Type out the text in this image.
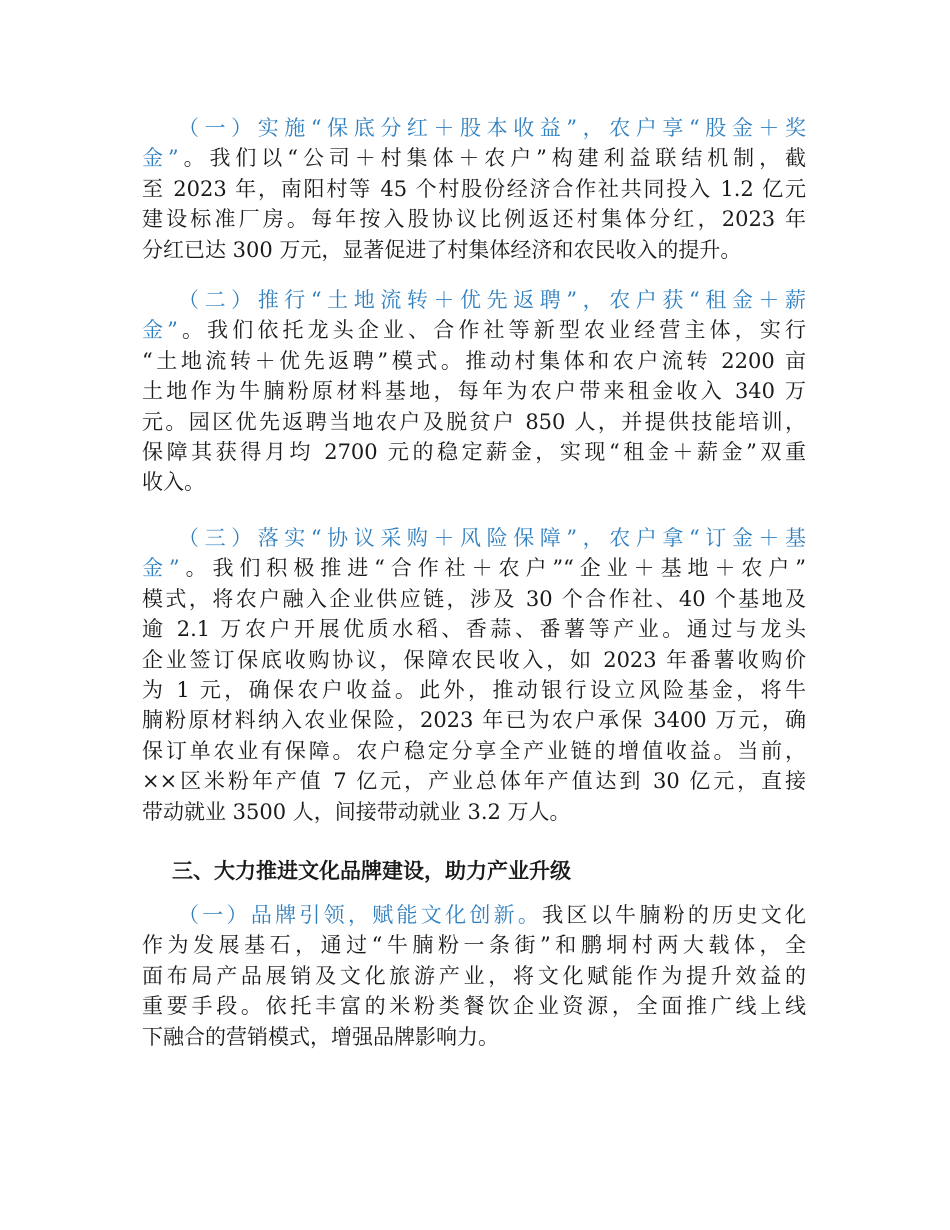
（一）实施“保底分红＋股本收益”，农户享“股金＋奖
金”。我们以“公司＋村集体＋农户”构建利益联结机制，截
至 2023 年，南阳村等 45 个村股份经济合作社共同投入 1.2 亿元
建设标准厂房。每年按入股协议比例返还村集体分红，2023 年
分红已达 300 万元，显著促进了村集体经济和农民收入的提升。
（二）推行“土地流转＋优先返聘”，农户获“租金＋薪
金”。我们依托龙头企业、合作社等新型农业经营主体，实行
“土地流转＋优先返聘”模式。推动村集体和农户流转 2200 亩
土地作为牛腩粉原材料基地，每年为农户带来租金收入 340 万
元。园区优先返聘当地农户及脱贫户 850 人，并提供技能培训，
保障其获得月均 2700 元的稳定薪金，实现“租金＋薪金”双重
收入。
（三）落实“协议采购＋风险保障”，农户拿“订金＋基
金”。我们积极推进“合作社＋农户”“企业＋基地＋农户”
模式，将农户融入企业供应链，涉及 30 个合作社、40 个基地及
逾 2.1 万农户开展优质水稻、香蒜、番薯等产业。通过与龙头
企业签订保底收购协议，保障农民收入，如 2023 年番薯收购价
为 1 元，确保农户收益。此外，推动银行设立风险基金，将牛
腩粉原材料纳入农业保险，2023 年已为农户承保 3400 万元，确
保订单农业有保障。农户稳定分享全产业链的增值收益。当前，
××区米粉年产值 7 亿元，产业总体年产值达到 30 亿元，直接
带动就业 3500 人，间接带动就业 3.2 万人。
三、大力推进文化品牌建设，助力产业升级
（一）品牌引领，赋能文化创新。我区以牛腩粉的历史文化
作为发展基石，通过“牛腩粉一条街”和鹏垌村两大载体，全
面布局产品展销及文化旅游产业，将文化赋能作为提升效益的
重要手段。依托丰富的米粉类餐饮企业资源，全面推广线上线
下融合的营销模式，增强品牌影响力。
